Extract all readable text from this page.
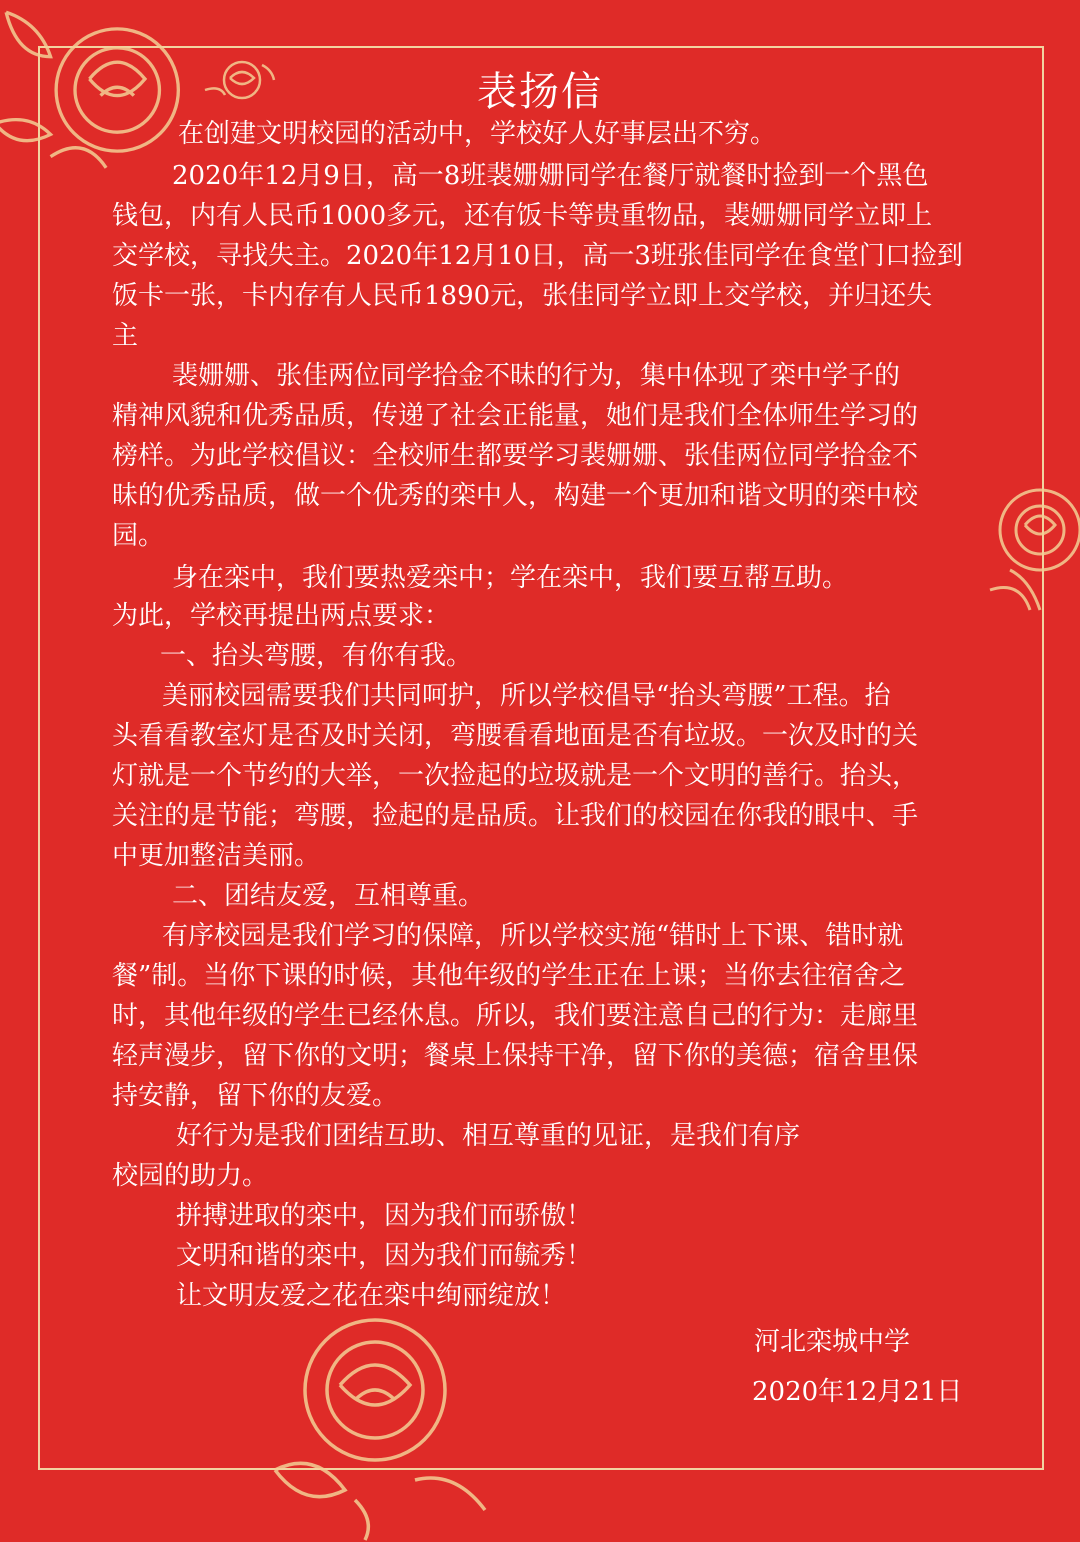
表扬信
在创建文明校园的活动中，学校好人好事层出不穷。
2020年12月9日，高一8班裴姗姗同学在餐厅就餐时捡到一个黑色
钱包，内有人民币1000多元，还有饭卡等贵重物品，裴姗姗同学立即上
交学校，寻找失主。2020年12月10日，高一3班张佳同学在食堂门口捡到
饭卡一张，卡内存有人民币1890元，张佳同学立即上交学校，并归还失
主
裴姗姗、张佳两位同学拾金不昧的行为，集中体现了栾中学子的
精神风貌和优秀品质，传递了社会正能量，她们是我们全体师生学习的
榜样。为此学校倡议：全校师生都要学习裴姗姗、张佳两位同学拾金不
昧的优秀品质，做一个优秀的栾中人，构建一个更加和谐文明的栾中校
园。
身在栾中，我们要热爱栾中；学在栾中，我们要互帮互助。
为此，学校再提出两点要求：
一、抬头弯腰，有你有我。
美丽校园需要我们共同呵护，所以学校倡导“抬头弯腰”工程。抬
头看看教室灯是否及时关闭，弯腰看看地面是否有垃圾。一次及时的关
灯就是一个节约的大举，一次捡起的垃圾就是一个文明的善行。抬头，
关注的是节能；弯腰，捡起的是品质。让我们的校园在你我的眼中、手
中更加整洁美丽。
二、团结友爱，互相尊重。
有序校园是我们学习的保障，所以学校实施“错时上下课、错时就
餐”制。当你下课的时候，其他年级的学生正在上课；当你去往宿舍之
时，其他年级的学生已经休息。所以，我们要注意自己的行为：走廊里
轻声漫步，留下你的文明；餐桌上保持干净，留下你的美德；宿舍里保
持安静，留下你的友爱。
好行为是我们团结互助、相互尊重的见证，是我们有序
校园的助力。
拼搏进取的栾中，因为我们而骄傲！
文明和谐的栾中，因为我们而毓秀！
让文明友爱之花在栾中绚丽绽放！
河北栾城中学
2020年12月21日
